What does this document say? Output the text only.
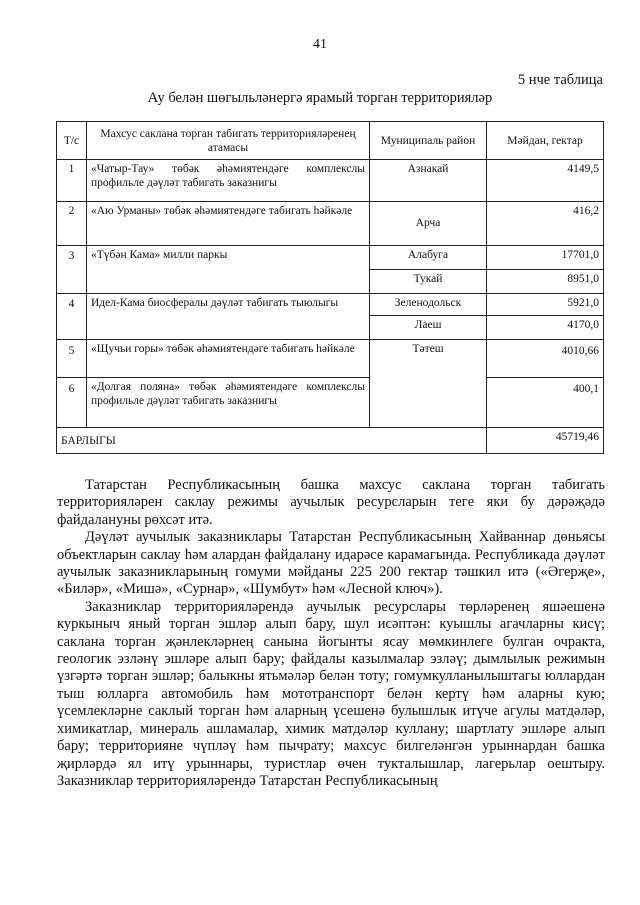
41
5 нче таблица
Ау белән шөгыльләнергә ярамый торган территорияләр
Т/с	Махсус саклана торган табигать территорияләренең атамасы	Муниципаль район	Мәйдан, гектар
1	«Чатыр-Тау» төбәк әһәмиятендәге комплекслы профильле дәүләт табигать заказнигы	Азнакай	4149,5
2	«Аю Урманы» төбәк әһәмиятендәге табигать һәйкәле	Арча	416,2
3	«Түбән Кама» милли паркы	Алабуга	17701,0
		Тукай	8951,0
4	Идел-Кама биосфералы дәүләт табигать тыюлыгы	Зеленодольск	5921,0
		Лаеш	4170,0
5	«Щучьи горы» төбәк әһәмиятендәге табигать һәйкәле	Тәтеш	4010,66
6	«Долгая поляна» төбәк әһәмиятендәге комплекслы профильле дәүләт табигать заказнигы		400,1
БАРЛЫГЫ			45719,46

Татарстан Республикасының башка махсус саклана торган табигать территорияләрен саклау режимы аучылык ресурсларын тегe яки бу дәрәҗәдә файдалануны рөхсәт итә.

Дәүләт аучылык заказниклары Татарстан Республикасының Хайваннар дөньясы объектларын саклау һәм алардан файдалану идарәсе карамагында. Республикада дәүләт аучылык заказникларының гомуми мәйданы 225 200 гектар тәшкил итә («Әгерҗе», «Биләр», «Мишә», «Сурнар», «Шумбут» һәм «Лесной ключ»).

Заказниклар территорияләрендә аучылык ресурслары төрләренең яшәешенә куркыныч яный торган эшләр алып бару, шул исәптән: куышлы агачларны кисү; саклана торган җәнлекләрнең санына йогынты ясау мөмкинлеге булган очракта, геологик эзләнү эшләре алып бару; файдалы казылмалар эзләү; дымлылык режимын үзгәртә торган эшләр; балыкны ятьмәләр белән тоту; гомумкулланылыштагы юллардан тыш юлларга автомобиль һәм мототранспорт белән кертү һәм аларны кую; үсемлекләрне саклый торган һәм аларның үсешенә булышлык итүче агулы матдәләр, химикатлар, минераль ашламалар, химик матдәләр куллану; шартлату эшләре алып бару; территорияне чүпләү һәм пычрату; махсус билгеләнгән урыннардан башка җирләрдә ял итү урыннары, туристлар өчен тукталышлар, лагерьлар оештыру. Заказниклар территорияләрендә Татарстан Республикасының
